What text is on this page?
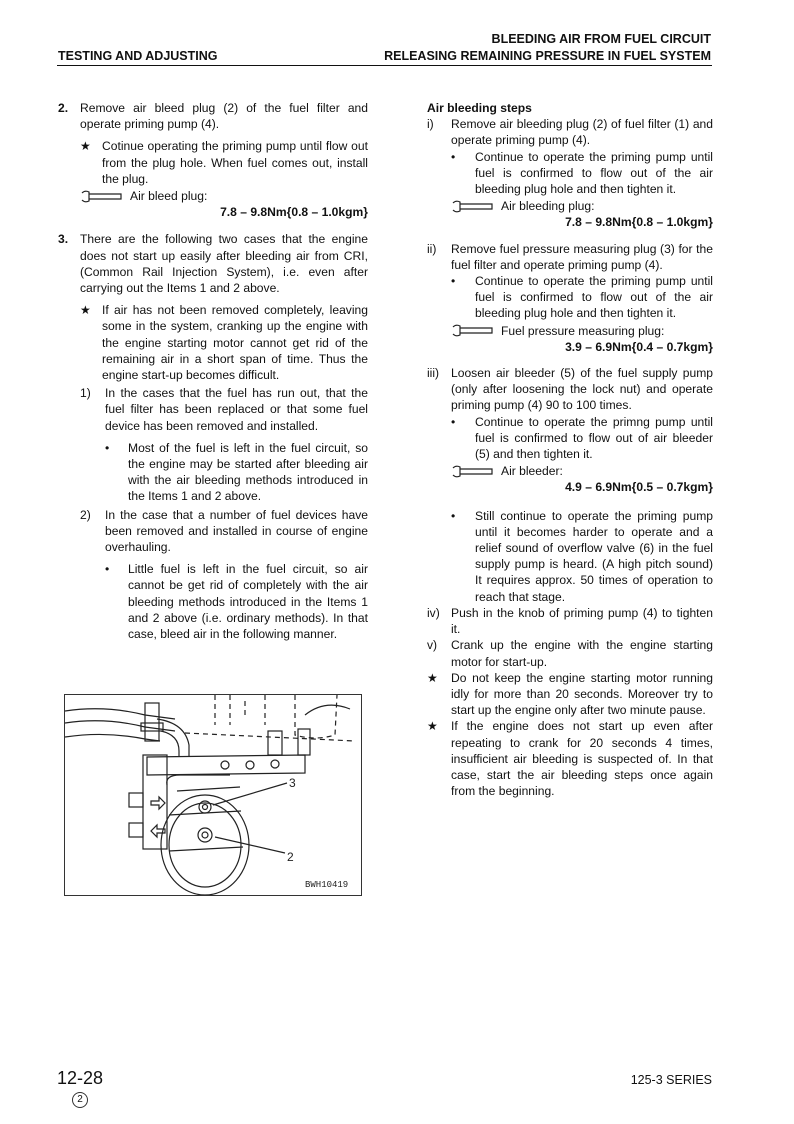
BLEEDING AIR FROM FUEL CIRCUIT
TESTING AND ADJUSTING	RELEASING REMAINING PRESSURE IN FUEL SYSTEM
2. Remove air bleed plug (2) of the fuel filter and operate priming pump (4).
★ Cotinue operating the priming pump until flow out from the plug hole. When fuel comes out, install the plug.
Air bleed plug:
7.8 – 9.8Nm{0.8 – 1.0kgm}
3. There are the following two cases that the engine does not start up easily after bleeding air from CRI, (Common Rail Injection System), i.e. even after carrying out the Items 1 and 2 above.
★ If air has not been removed completely, leaving some in the system, cranking up the engine with the engine starting motor cannot get rid of the remaining air in a short span of time. Thus the engine start-up becomes difficult.
1)	In the cases that the fuel has run out, that the fuel filter has been replaced or that some fuel device has been removed and installed.
•	Most of the fuel is left in the fuel circuit, so the engine may be started after bleeding air with the air bleeding methods introduced in the Items 1 and 2 above.
2)	In the case that a number of fuel devices have been removed and installed in course of engine overhauling.
•	Little fuel is left in the fuel circuit, so air cannot be get rid of completely with the air bleeding methods introduced in the Items 1 and 2 above (i.e. ordinary methods). In that case, bleed air in the following manner.
3
2
BWH10419

Air bleeding steps

i)	Remove air bleeding plug (2) of fuel filter (1) and operate priming pump (4).
•	Continue to operate the priming pump until fuel is confirmed to flow out of the air bleeding plug hole and then tighten it.
Air bleeding plug:
7.8 – 9.8Nm{0.8 – 1.0kgm}
ii)	Remove fuel pressure measuring plug (3) for the fuel filter and operate priming pump (4).
•	Continue to operate the priming pump until fuel is confirmed to flow out of the air bleeding plug hole and then tighten it.
Fuel pressure measuring plug:
3.9 – 6.9Nm{0.4 – 0.7kgm}
iii) Loosen air bleeder (5) of the fuel supply pump (only after loosening the lock nut) and operate priming pump (4) 90 to 100 times.
•	Continue to operate the primng pump until fuel is confirmed to flow out of air bleeder (5) and then tighten it.
Air bleeder:
4.9 – 6.9Nm{0.5 – 0.7kgm}
•	Still continue to operate the priming pump until it becomes harder to operate and a relief sound of overflow valve (6) in the fuel supply pump is heard. (A high pitch sound) It requires approx. 50 times of operation to reach that stage.
iv) Push in the knob of priming pump (4) to tighten it.
v)	Crank up the engine with the engine starting motor for start-up.
★	Do not keep the engine starting motor running idly for more than 20 seconds. Moreover try to start up the engine only after two minute pause.
★	If the engine does not start up even after repeating to crank for 20 seconds 4 times, insufficient air bleeding is suspected of. In that case, start the air bleeding steps once again from the beginning.
12-28
2
125-3 SERIES
